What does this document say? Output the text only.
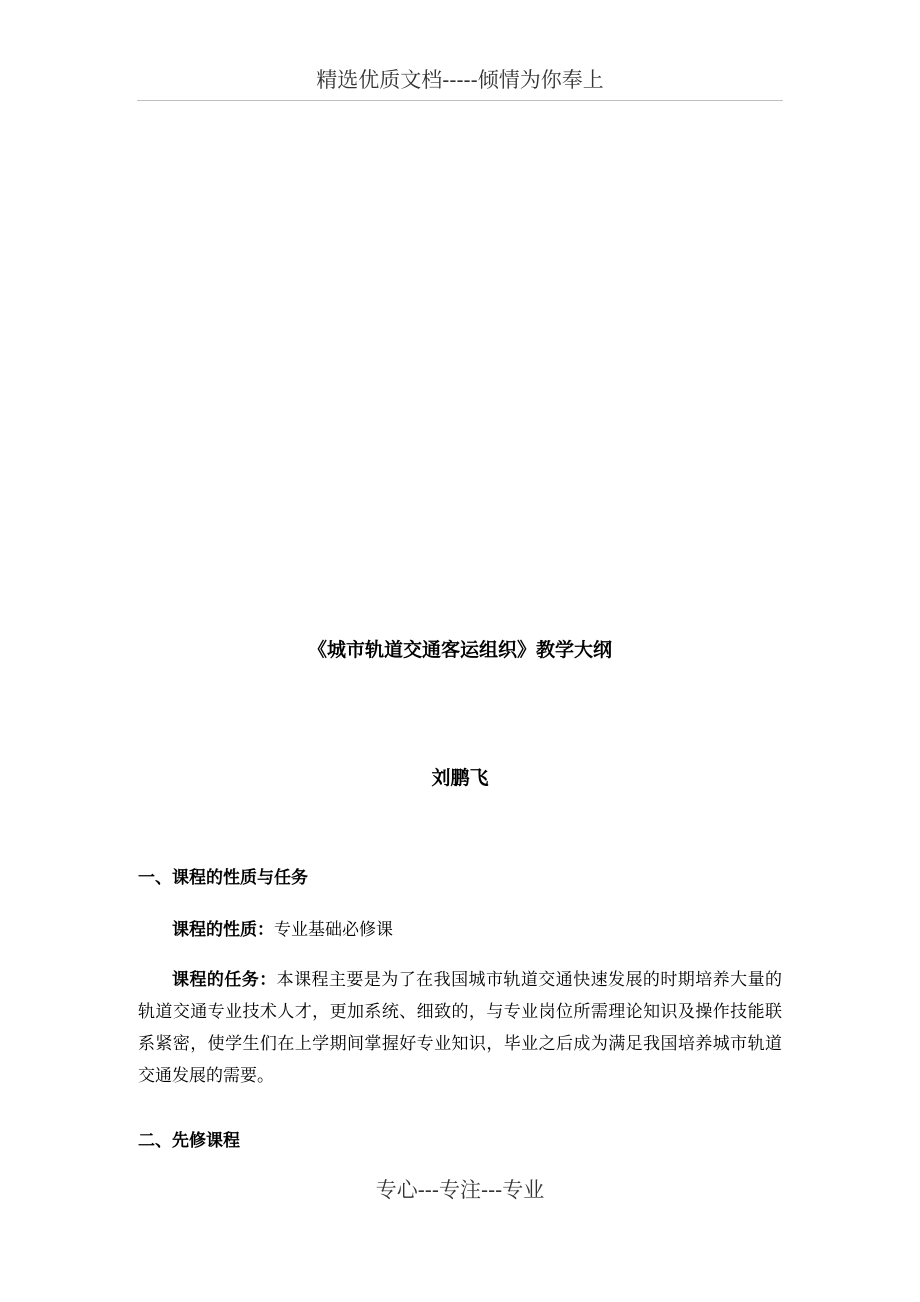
精选优质文档-----倾情为你奉上
《城市轨道交通客运组织》教学大纲
刘鹏飞
一、课程的性质与任务
课程的性质：专业基础必修课
课程的任务：本课程主要是为了在我国城市轨道交通快速发展的时期培养大量的轨道交通专业技术人才，更加系统、细致的，与专业岗位所需理论知识及操作技能联系紧密，使学生们在上学期间掌握好专业知识，毕业之后成为满足我国培养城市轨道交通发展的需要。
二、先修课程
专心---专注---专业
